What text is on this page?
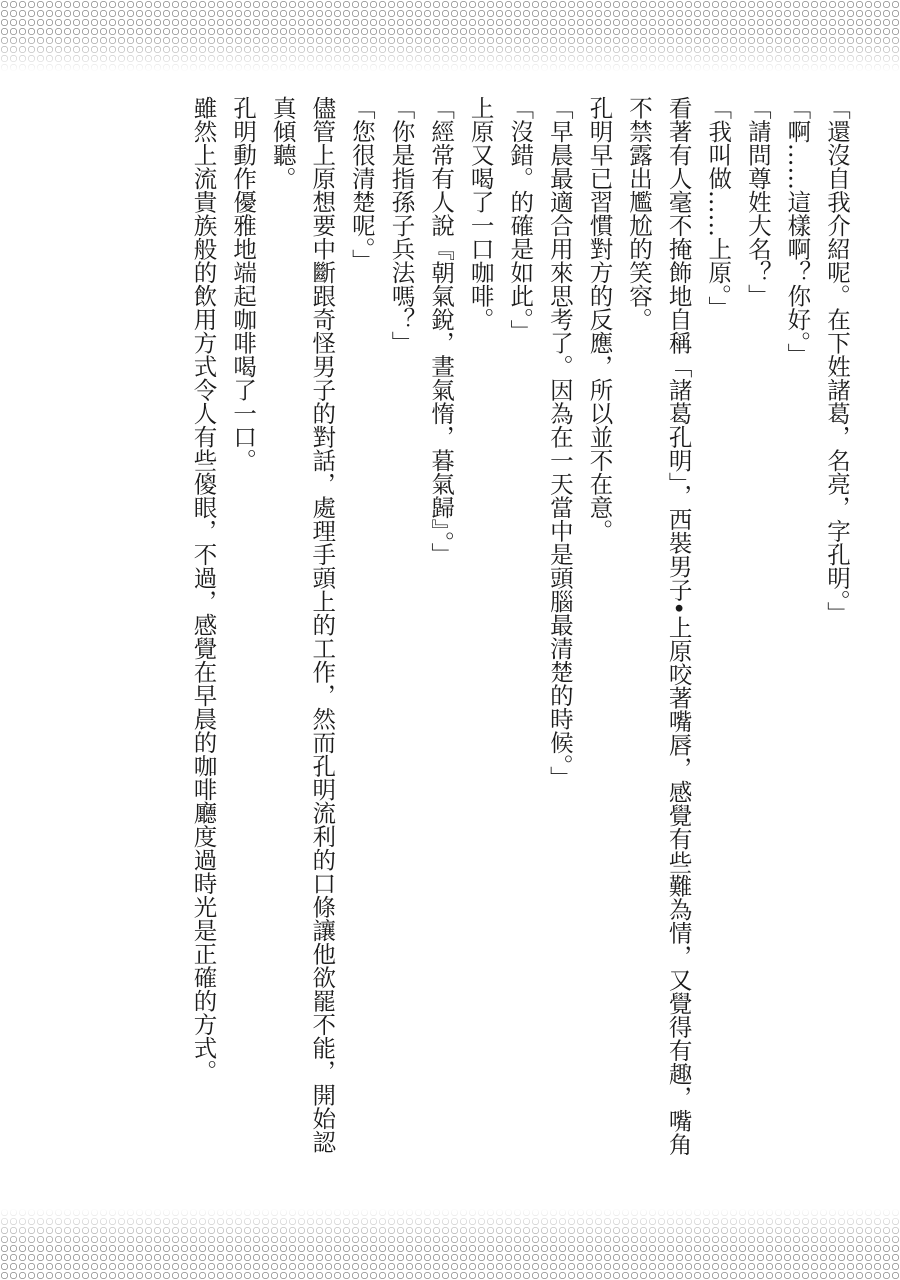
「還沒自我介紹呢。在下姓諸葛，名亮，字孔明。」

「啊……這樣啊？你好。」

「請問尊姓大名？」

「我叫做……上原。」

看著有人毫不掩飾地自稱「諸葛孔明」，西裝男子•上原咬著嘴唇，感覺有些難為情，又覺得有趣，嘴角不禁露出尷尬的笑容。

孔明早已習慣對方的反應，所以並不在意。

「早晨最適合用來思考了。因為在一天當中是頭腦最清楚的時候。」

「沒錯。的確是如此。」

上原又喝了一口咖啡。

「經常有人說『朝氣銳，晝氣惰，暮氣歸』。」

「你是指孫子兵法嗎？」

「您很清楚呢。」

儘管上原想要中斷跟奇怪男子的對話，處理手頭上的工作，然而孔明流利的口條讓他欲罷不能，開始認真傾聽。

孔明動作優雅地端起咖啡喝了一口。

雖然上流貴族般的飲用方式令人有些傻眼，不過，感覺在早晨的咖啡廳度過時光是正確的方式。
